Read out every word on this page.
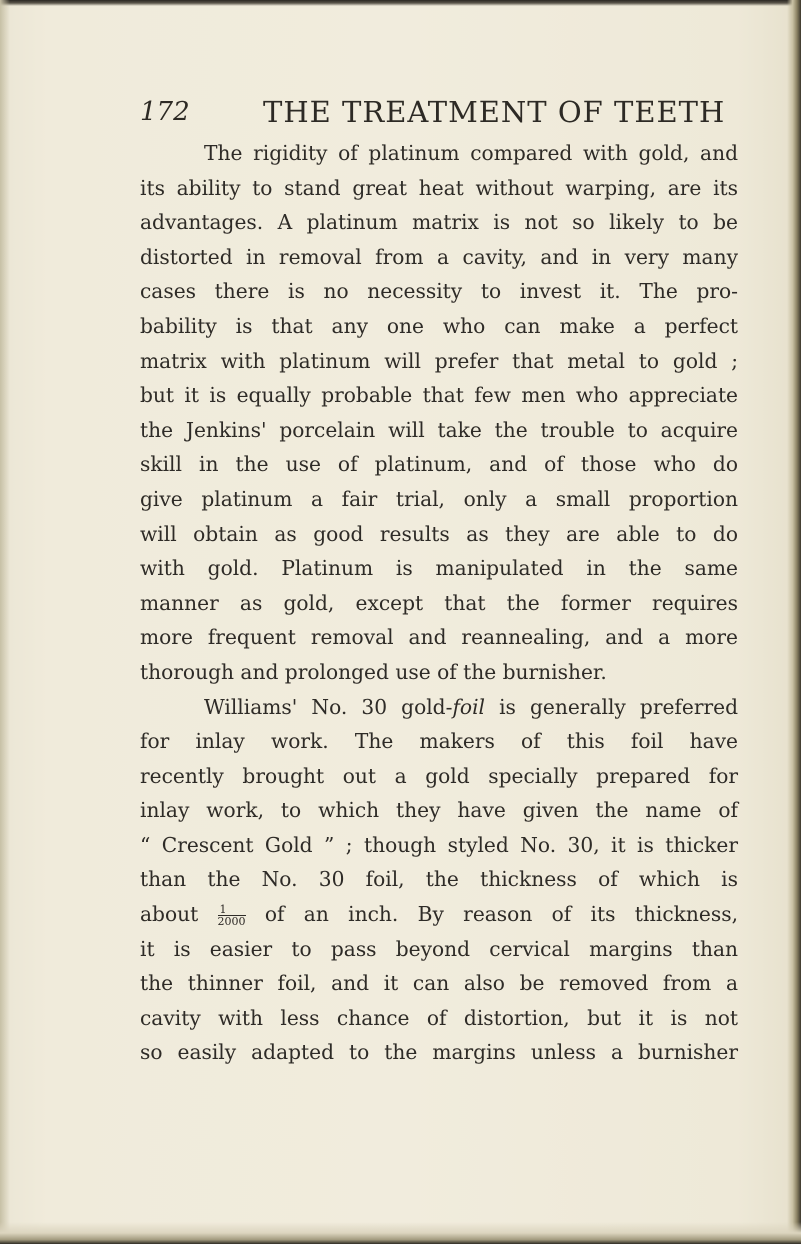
172	THE TREATMENT OF TEETH
The rigidity of platinum compared with gold, and
its ability to stand great heat without warping, are its
advantages. A platinum matrix is not so likely to be
distorted in removal from a cavity, and in very many
cases there is no necessity to invest it. The pro-
bability is that any one who can make a perfect
matrix with platinum will prefer that metal to gold ;
but it is equally probable that few men who appreciate
the Jenkins' porcelain will take the trouble to acquire
skill in the use of platinum, and of those who do
give platinum a fair trial, only a small proportion
will obtain as good results as they are able to do
with gold. Platinum is manipulated in the same
manner as gold, except that the former requires
more frequent removal and reannealing, and a more
thorough and prolonged use of the burnisher.
Williams' No. 30 gold-foil is generally preferred
for inlay work. The makers of this foil have
recently brought out a gold specially prepared for
inlay work, to which they have given the name of
“ Crescent Gold ” ; though styled No. 30, it is thicker
than the No. 30 foil, the thickness of which is
about $\frac{1}{2000}$ of an inch. By reason of its thickness,
it is easier to pass beyond cervical margins than
the thinner foil, and it can also be removed from a
cavity with less chance of distortion, but it is not
so easily adapted to the margins unless a burnisher
